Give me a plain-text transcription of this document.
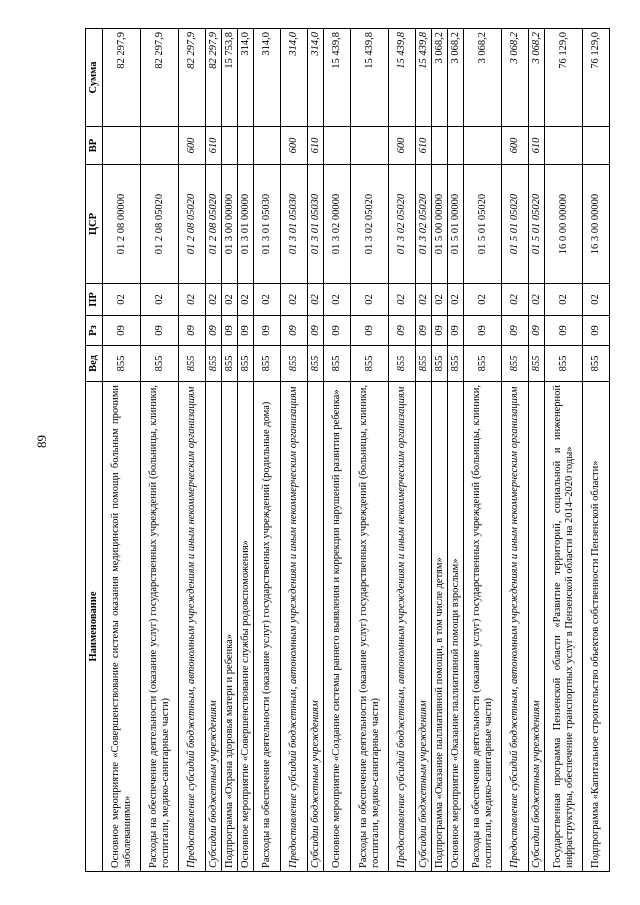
89
Наименование	Вед	Рз	ПР	ЦСР	ВР	Сумма
Основное мероприятие «Совершенствование системы оказания медицинской помощи больным прочими заболеваниями»	855	09	02	01 2 08 00000		82 297,9
Расходы на обеспечение деятельности (оказание услуг) государственных учреждений (больницы, клиники, госпитали, медико-санитарные части)	855	09	02	01 2 08 05020		82 297,9
Предоставление субсидий бюджетным, автономным учреждениям и иным некоммерческим организациям	855	09	02	01 2 08 05020	600	82 297,9
Субсидии бюджетным учреждениям	855	09	02	01 2 08 05020	610	82 297,9
Подпрограмма «Охрана здоровья матери и ребенка»	855	09	02	01 3 00 00000		15 753,8
Основное мероприятие «Совершенствование службы родовспоможения»	855	09	02	01 3 01 00000		314,0
Расходы на обеспечение деятельности (оказание услуг) государственных учреждений (родильные дома)	855	09	02	01 3 01 05030		314,0
Предоставление субсидий бюджетным, автономным учреждениям и иным некоммерческим организациям	855	09	02	01 3 01 05030	600	314,0
Субсидии бюджетным учреждениям	855	09	02	01 3 01 05030	610	314,0
Основное мероприятие «Создание системы раннего выявления и коррекции нарушений развития ребенка»	855	09	02	01 3 02 00000		15 439,8
Расходы на обеспечение деятельности (оказание услуг) государственных учреждений (больницы, клиники, госпитали, медико-санитарные части)	855	09	02	01 3 02 05020		15 439,8
Предоставление субсидий бюджетным, автономным учреждениям и иным некоммерческим организациям	855	09	02	01 3 02 05020	600	15 439,8
Субсидии бюджетным учреждениям	855	09	02	01 3 02 05020	610	15 439,8
Подпрограмма «Оказание паллиативной помощи, в том числе детям»	855	09	02	01 5 00 00000		3 068,2
Основное мероприятие «Оказание паллиативной помощи взрослым»	855	09	02	01 5 01 00000		3 068,2
Расходы на обеспечение деятельности (оказание услуг) государственных учреждений (больницы, клиники, госпитали, медико-санитарные части)	855	09	02	01 5 01 05020		3 068,2
Предоставление субсидий бюджетным, автономным учреждениям и иным некоммерческим организациям	855	09	02	01 5 01 05020	600	3 068,2
Субсидии бюджетным учреждениям	855	09	02	01 5 01 05020	610	3 068,2
Государственная программа Пензенской области «Развитие территорий, социальной и инженерной инфраструктуры, обеспечение транспортных услуг в Пензенской области на 2014–2020 годы»	855	09	02	16 0 00 00000		76 129,0
Подпрограмма «Капитальное строительство объектов собственности Пензенской области»	855	09	02	16 3 00 00000		76 129,0
